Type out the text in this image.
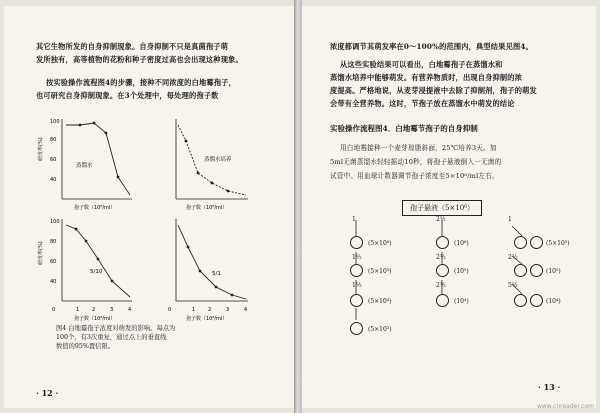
其它生物所发的自身抑制现象。自身抑制不只是真菌孢子萌
发所独有，高等植物的花粉和种子密度过高也会出现这种现象。
按实验操作流程图4的步骤，接种不同浓度的白地霉孢子，
也可研究自身抑制现象。在3个处理中，每处理的孢子数
100
80
60
40
萌发率(%)
蒸馏水
孢子数（10⁶/ml）
蒸馏水培养
孢子数（10⁶/ml）
100
80
60
40
萌发率(%)
5/10
0	1	2	3	4
孢子数（10⁶/ml）
5/1
0	1	2	3	4
孢子数（10⁶/ml）
图4 白地霉孢子浓度对萌发的影响。每点为
100个，有3次重复，通过点上的垂直线
数值的95%置信限。
· 12 ·
浓度都调节其萌发率在0～100%的范围内，典型结果见图4。
从这些实验结果可以看出，白地霉孢子在蒸馏水和
蒸馏水培养中能够萌发。有营养物质时，出现自身抑制的浓
度提高。严格地说，从麦芽浸提液中去除了抑制剂，孢子的萌发
会带有全营养物。这时，节孢子放在蒸馏水中萌发的结论
实验操作流程图4．白地霉节孢子的自身抑制
用白地霉接种一个麦芽琼脂斜面，25℃培养3天。加
5ml无菌蒸馏水轻轻摇动10秒，将孢子悬液倒入一无菌的
试管中。用血球计数器调节孢子浓度至5×10⁶/ml左右。
孢子悬液（5×10⁶）
1
(5×10⁶)
1½
(5×10⁵)
1½
(5×10⁴)
(5×10³)
2½
(10⁶)
2½
(10⁵)
2½
(10⁴)
1
(5×10⁵)
2½
(10⁵)
5½
(10⁴)
· 13 ·
www.cnreader.com
